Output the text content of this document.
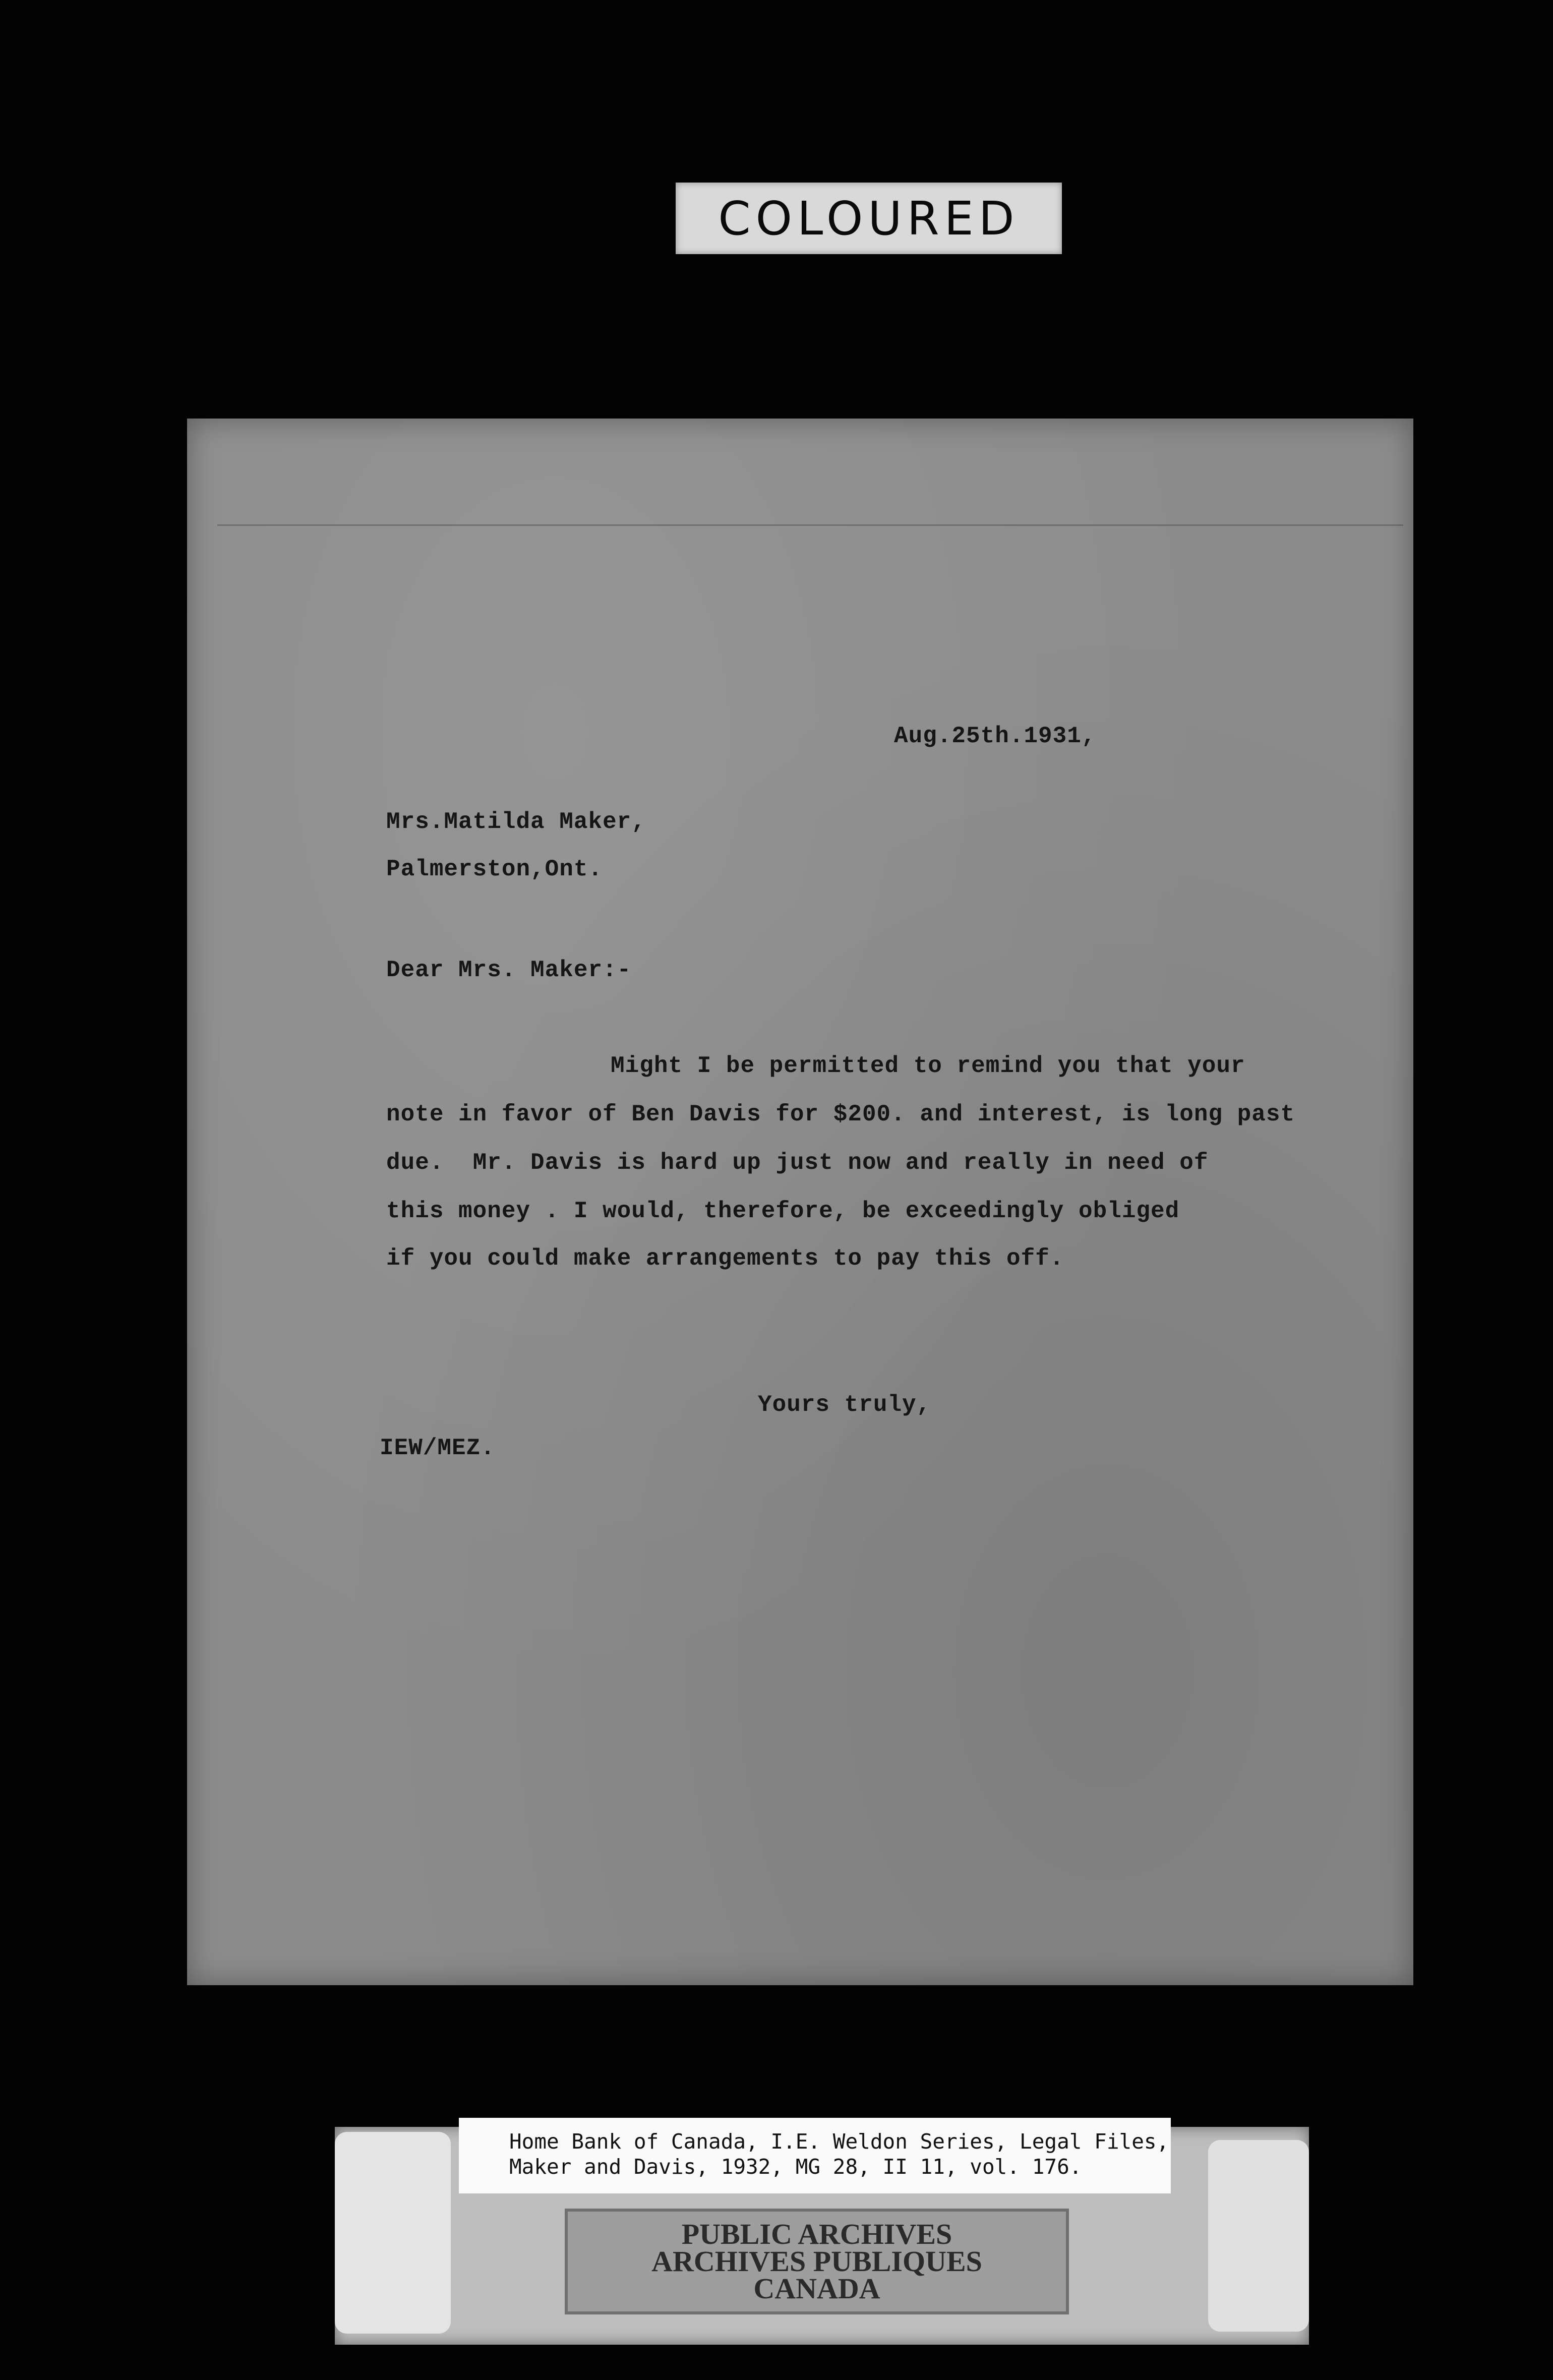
COLOURED
Aug.25th.1931,
Mrs.Matilda Maker,
Palmerston,Ont.
Dear Mrs. Maker:-
Might I be permitted to remind you that your
note in favor of Ben Davis for $200. and interest, is long past
due.  Mr. Davis is hard up just now and really in need of
this money . I would, therefore, be exceedingly obliged
if you could make arrangements to pay this off.
Yours truly,
IEW/MEZ.
Home Bank of Canada, I.E. Weldon Series, Legal Files,
Maker and Davis, 1932, MG 28, II 11, vol. 176.
PUBLIC ARCHIVES
ARCHIVES PUBLIQUES
CANADA
